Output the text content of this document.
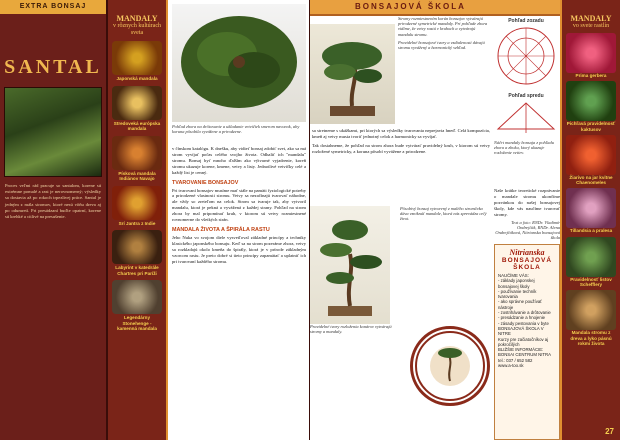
EXTRA BONSAJ
SANTAL
Proces veľmi rád pracuje so santalom, korene sú extrémne pomalé a rast je nerovnomerný; výsledky sa dostavia až po rokoch trpezlivej práce. Santal je jedným z mála stromov, ktoré nesú vôňu dreva aj po odumretí. Pri presádzaní buďte opatrní, korene sú krehké a citlivé na presušenie.
MANDALY
v rôznych kultúrach sveta
Japonská mandala
Stredoveká európska mandala
Písková mandala Indiánov Navajo
Srí Jantra z Indie
Labyrint v katedrále Chartres pri Paríži
Legendárny Stonehenge - kamenná mandala
Pohľad zhora na drôtovanie a ukladanie vetvičiek smerom navonok, aby koruna pôsobila vyvážene a prirodzene.
v čínskom katalógu. K dnešku, aby vidieť bonsaj zdobiť svet, ako sa má strom vyvíjať počas celého svojho života. Odhaliť ich "mandalu" stromu. Bonsaj byť mnoho ďalším ako výtvarné vyjadrenie, koreň stromu ukazuje korene, kmene, vetvy a listy. Jednotlivé vetvičky celé a každý list je cenný.
TVAROVANIE BONSAJOV
Pri tvarovaní bonsajov musíme mať stále na pamäti fyziologické potreby a prirodzené vlastnosti stromu. Vetvy sa nezačínajú tvarovať náhodne, ale vždy so zreteľom na celok. Strom sa tvaruje tak, aby vytvoril mandalu, ktorá je pekná a vyvážená z každej strany. Pohľad na strom zhora by mal pripomínať kruh, v ktorom sú vetvy rozmiestnené rovnomerne do všetkých strán.
MANDALA ŽIVOTA A ŠPIRÁLA RASTU
Jeho Nuka vo svojom diele vysvetľoval základné princípy a techniky klasického japonského bonsaju. Keď sa na strom pozeráme zhora, vetvy sa rozkladajú okolo kmeňa do špirály, ktorá je v prírode základným vzorcom rastu. Je preto dobré si tieto princípy zapamätať a uplatniť ich pri tvarovaní každého stromu.
BONSAJOVÁ ŠKOLA
Stromy rozmiestnením korún bonsajov vytvárajú prirodzené symetrické mandaly. Pri pohľade zhora vidíme, že vetvy rastú v kruhoch a vytvárajú mandalu stromu.
Pravidelné bonsajové tvary a vzdialenosti dávajú stromu vyvážený a harmonický vzhľad.
sa stretneme s ukážkami, pri ktorých sa výsledky tvarovania neprejavia hneď. Celá kompozícia, kmeň aj vetvy musia tvoriť jednotný celok a harmonicky sa vyvíjať.
Tak dosiahneme, že pohľad na strom zhora bude vytvárať pravidelný kruh, v ktorom sú vetvy rozložené symetricky, a koruna pôsobí vyvážene a prirodzene.
Pravidelné tvary rozloženia konárov vytvárajú stromy a mandaly.
Pôsobivý bonsaj vytvorený z malého stromčeka dáva vzniknúť mandale, ktorá nás sprevádza celý život.
Pohľad zozadu
Pohľad spredu
Náčrt mandaly bonsaja z pohľadu zhora a zboku, ktorý ukazuje rozloženie vetiev.
Naše krátke teoretické rozprávanie o mandale stromu ukončíme pozvánkou do našej bonsajovej školy, kde vás naučíme tvarovať stromy.
Text a foto: RNDr. Vladimír Ondrejčák, RNDr. Alena Ondrejčáková, Nitrianska bonsajová škola
Nitrianska
BONSAJOVÁ ŠKOLA
NAUČÍME VÁS:
- základy japonskej bonsajovej školy
- používanie techník tvarovania
- ako správne používať nástroje
- zostrihávanie a drôtovanie
- presádzanie a hnojenie
- zásady pestovania v byte
BONSAJOVÁ ŠKOLA V NITRE
Kurzy pre začiatočníkov aj pokročilých
BLIŽŠIE INFORMÁCIE:
BONSAI CENTRUM NITRA
tel.: 037 / 652 582
www.a-too.sk
MANDALY
vo svete rastlín
Prima gerbera
Pichľavá pravidelnosť kaktusov
Žiarivo na jar kvitne Chaenomeles
Tillandsia a pralesa
Pravidelnosť listov Schefflery
Mandala stromu z dreva a lyko pásnú rokmi života
27
